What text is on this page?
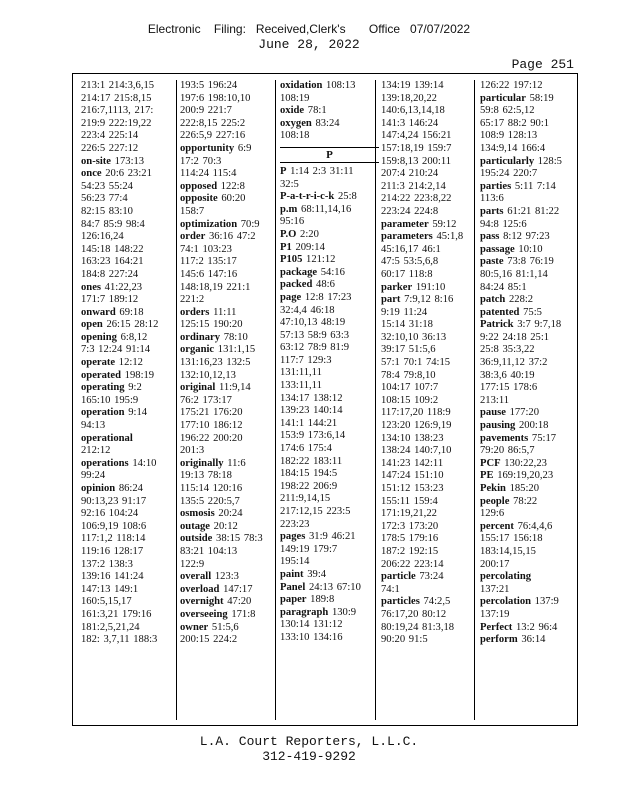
Electronic    Filing:   Received,Clerk's       Office   07/07/2022
June 28, 2022
Page 251
213:1 214:3,6,15
214:17 215:8,15
216:7,1113, 217:
219:9 222:19,22
223:4 225:14
226:5 227:12
on-site 173:13
once 20:6 23:21
54:23 55:24
56:23 77:4
82:15 83:10
84:7 85:9 98:4
126:16,24
145:18 148:22
163:23 164:21
184:8 227:24
ones 41:22,23
171:7 189:12
onward 69:18
open 26:15 28:12
opening 6:8,12
7:3 12:24 91:14
operate 12:12
operated 198:19
operating 9:2
165:10 195:9
operation 9:14
94:13
operational
212:12
operations 14:10
99:24
opinion 86:24
90:13,23 91:17
92:16 104:24
106:9,19 108:6
117:1,2 118:14
119:16 128:17
137:2 138:3
139:16 141:24
147:13 149:1
160:5,15,17
161:3,21 179:16
181:2,5,21,24
182: 3,7,11 188:3
193:5 196:24
197:6 198:10,10
200:9 221:7
222:8,15 225:2
226:5,9 227:16
opportunity 6:9
17:2 70:3
114:24 115:4
opposed 122:8
opposite 60:20
158:7
optimization 70:9
order 36:16 47:2
74:1 103:23
117:2 135:17
145:6 147:16
148:18,19 221:1
221:2
orders 11:11
125:15 190:20
ordinary 78:10
organic 131:1,15
131:16,23 132:5
132:10,12,13
original 11:9,14
76:2 173:17
175:21 176:20
177:10 186:12
196:22 200:20
201:3
originally 11:6
19:13 78:18
115:14 120:16
135:5 220:5,7
osmosis 20:24
outage 20:12
outside 38:15 78:3
83:21 104:13
122:9
overall 123:3
overload 147:17
overnight 47:20
overseeing 171:8
owner 51:5,6
200:15 224:2
oxidation 108:13
108:19
oxide 78:1
oxygen 83:24
108:18
P
P 1:14 2:3 31:11
32:5
P-a-t-r-i-c-k 25:8
p.m 68:11,14,16
95:16
P.O 2:20
P1 209:14
P105 121:12
package 54:16
packed 48:6
page 12:8 17:23
32:4,4 46:18
47:10,13 48:19
57:13 58:9 63:3
63:12 78:9 81:9
117:7 129:3
131:11,11
133:11,11
134:17 138:12
139:23 140:14
141:1 144:21
153:9 173:6,14
174:6 175:4
182:22 183:11
184:15 194:5
198:22 206:9
211:9,14,15
217:12,15 223:5
223:23
pages 31:9 46:21
149:19 179:7
195:14
paint 39:4
Panel 24:13 67:10
paper 189:8
paragraph 130:9
130:14 131:12
133:10 134:16
134:19 139:14
139:18,20,22
140:6,13,14,18
141:3 146:24
147:4,24 156:21
157:18,19 159:7
159:8,13 200:11
207:4 210:24
211:3 214:2,14
214:22 223:8,22
223:24 224:8
parameter 59:12
parameters 45:1,8
45:16,17 46:1
47:5 53:5,6,8
60:17 118:8
parker 191:10
part 7:9,12 8:16
9:19 11:24
15:14 31:18
32:10,10 36:13
39:17 51:5,6
57:1 70:1 74:15
78:4 79:8,10
104:17 107:7
108:15 109:2
117:17,20 118:9
123:20 126:9,19
134:10 138:23
138:24 140:7,10
141:23 142:11
147:24 151:10
151:12 153:23
155:11 159:4
171:19,21,22
172:3 173:20
178:5 179:16
187:2 192:15
206:22 223:14
particle 73:24
74:1
particles 74:2,5
76:17,20 80:12
80:19,24 81:3,18
90:20 91:5
126:22 197:12
particular 58:19
59:8 62:5,12
65:17 88:2 90:1
108:9 128:13
134:9,14 166:4
particularly 128:5
195:24 220:7
parties 5:11 7:14
113:6
parts 61:21 81:22
94:8 125:6
pass 8:12 97:23
passage 10:10
paste 73:8 76:19
80:5,16 81:1,14
84:24 85:1
patch 228:2
patented 75:5
Patrick 3:7 9:7,18
9:22 24:18 25:1
25:8 35:3,22
36:9,11,12 37:2
38:3,6 40:19
177:15 178:6
213:11
pause 177:20
pausing 200:18
pavements 75:17
79:20 86:5,7
PCF 130:22,23
PE 169:19,20,23
Pekin 185:20
people 78:22
129:6
percent 76:4,4,6
155:17 156:18
183:14,15,15
200:17
percolating
137:21
percolation 137:9
137:19
Perfect 13:2 96:4
perform 36:14
L.A. Court Reporters, L.L.C.
312-419-9292
